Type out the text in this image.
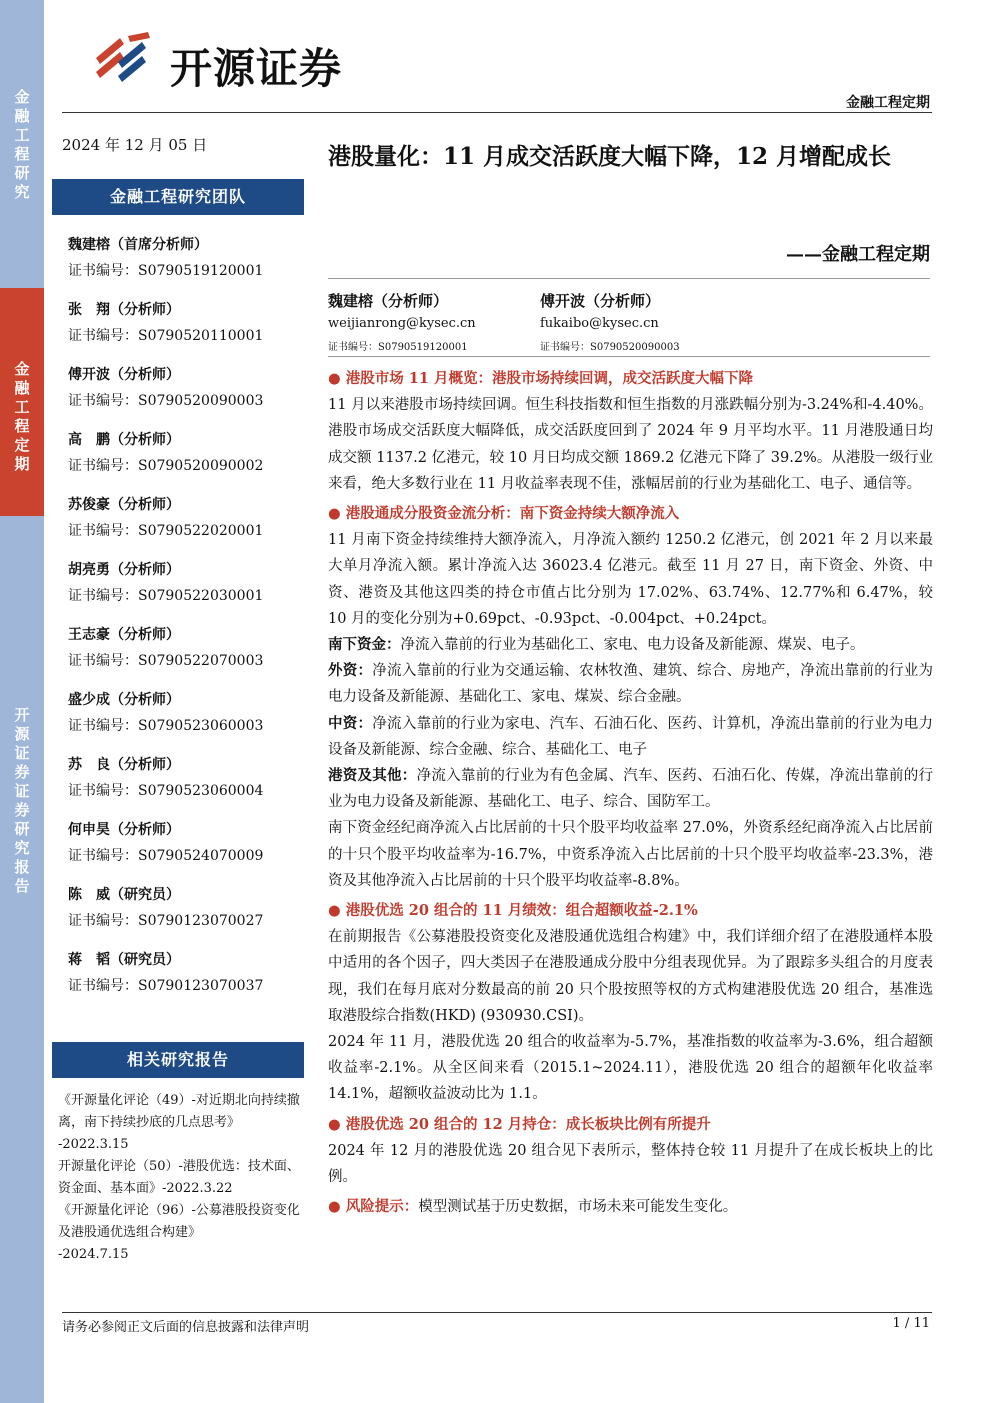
金融工程研究
金融工程定期
开源证券 证券研究报告
开源证券
金融工程定期
2024 年 12 月 05 日
金融工程研究团队
魏建榕（首席分析师）
证书编号：S0790519120001
张　翔（分析师）
证书编号：S0790520110001
傅开波（分析师）
证书编号：S0790520090003
高　鹏（分析师）
证书编号：S0790520090002
苏俊豪（分析师）
证书编号：S0790522020001
胡亮勇（分析师）
证书编号：S0790522030001
王志豪（分析师）
证书编号：S0790522070003
盛少成（分析师）
证书编号：S0790523060003
苏　良（分析师）
证书编号：S0790523060004
何申昊（分析师）
证书编号：S0790524070009
陈　威（研究员）
证书编号：S0790123070027
蒋　韬（研究员）
证书编号：S0790123070037
相关研究报告
《开源量化评论（49）-对近期北向持续撤离，南下持续抄底的几点思考》
-2022.3.15
开源量化评论（50）-港股优选：技术面、资金面、基本面》-2022.3.22
《开源量化评论（96）-公募港股投资变化及港股通优选组合构建》
-2024.7.15
港股量化：11 月成交活跃度大幅下降，12 月增配成长
——金融工程定期
魏建榕（分析师）
weijianrong@kysec.cn
证书编号：S0790519120001
傅开波（分析师）
fukaibo@kysec.cn
证书编号：S0790520090003

● 港股市场 11 月概览：港股市场持续回调，成交活跃度大幅下降

11 月以来港股市场持续回调。恒生科技指数和恒生指数的月涨跌幅分别为-3.24%和-4.40%。港股市场成交活跃度大幅降低，成交活跃度回到了 2024 年 9 月平均水平。11 月港股通日均成交额 1137.2 亿港元，较 10 月日均成交额 1869.2 亿港元下降了 39.2%。从港股一级行业来看，绝大多数行业在 11 月收益率表现不佳，涨幅居前的行业为基础化工、电子、通信等。

● 港股通成分股资金流分析：南下资金持续大额净流入

11 月南下资金持续维持大额净流入，月净流入额约 1250.2 亿港元，创 2021 年 2 月以来最大单月净流入额。累计净流入达 36023.4 亿港元。截至 11 月 27 日，南下资金、外资、中资、港资及其他这四类的持仓市值占比分别为 17.02%、63.74%、12.77%和 6.47%，较 10 月的变化分别为+0.69pct、-0.93pct、-0.004pct、+0.24pct。

南下资金：净流入靠前的行业为基础化工、家电、电力设备及新能源、煤炭、电子。

外资：净流入靠前的行业为交通运输、农林牧渔、建筑、综合、房地产，净流出靠前的行业为电力设备及新能源、基础化工、家电、煤炭、综合金融。

中资：净流入靠前的行业为家电、汽车、石油石化、医药、计算机，净流出靠前的行业为电力设备及新能源、综合金融、综合、基础化工、电子

港资及其他：净流入靠前的行业为有色金属、汽车、医药、石油石化、传媒，净流出靠前的行业为电力设备及新能源、基础化工、电子、综合、国防军工。

南下资金经纪商净流入占比居前的十只个股平均收益率 27.0%，外资系经纪商净流入占比居前的十只个股平均收益率为-16.7%，中资系净流入占比居前的十只个股平均收益率-23.3%，港资及其他净流入占比居前的十只个股平均收益率-8.8%。

● 港股优选 20 组合的 11 月绩效：组合超额收益-2.1%

在前期报告《公募港股投资变化及港股通优选组合构建》中，我们详细介绍了在港股通样本股中适用的各个因子，四大类因子在港股通成分股中分组表现优异。为了跟踪多头组合的月度表现，我们在每月底对分数最高的前 20 只个股按照等权的方式构建港股优选 20 组合，基准选取港股综合指数(HKD) (930930.CSI)。

2024 年 11 月，港股优选 20 组合的收益率为-5.7%，基准指数的收益率为-3.6%，组合超额收益率-2.1%。从全区间来看（2015.1~2024.11），港股优选 20 组合的超额年化收益率 14.1%，超额收益波动比为 1.1。

● 港股优选 20 组合的 12 月持仓：成长板块比例有所提升

2024 年 12 月的港股优选 20 组合见下表所示，整体持仓较 11 月提升了在成长板块上的比例。

● 风险提示：模型测试基于历史数据，市场未来可能发生变化。

请务必参阅正文后面的信息披露和法律声明	1 / 11
